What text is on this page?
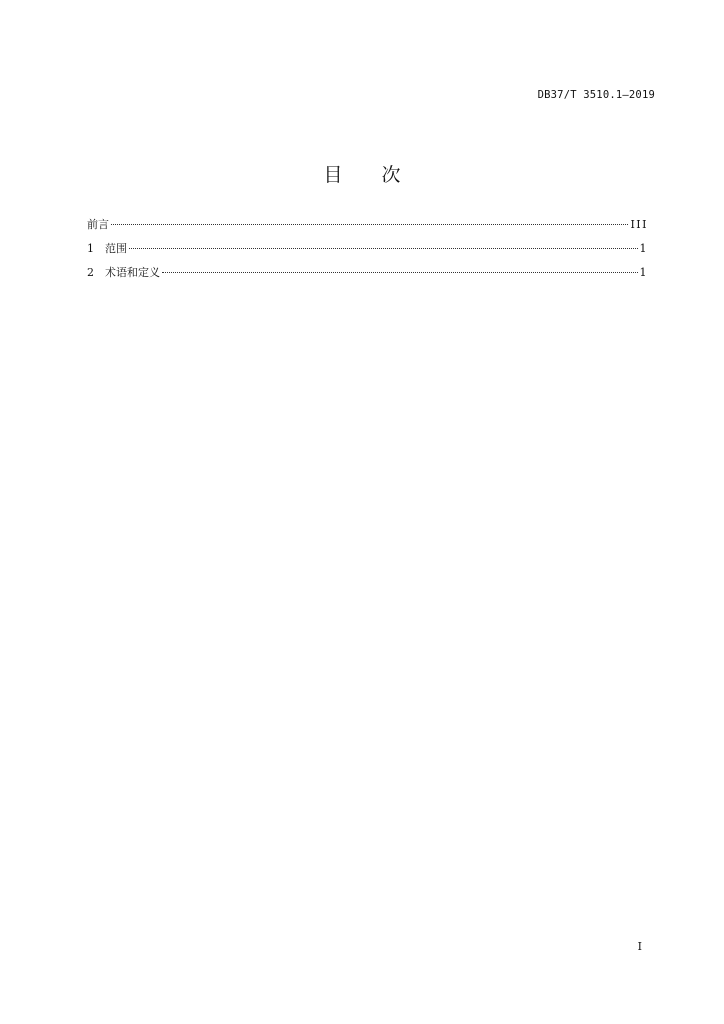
DB37/T 3510.1—2019
目 次
前言	III
1	范围	1
2	术语和定义	1
I
